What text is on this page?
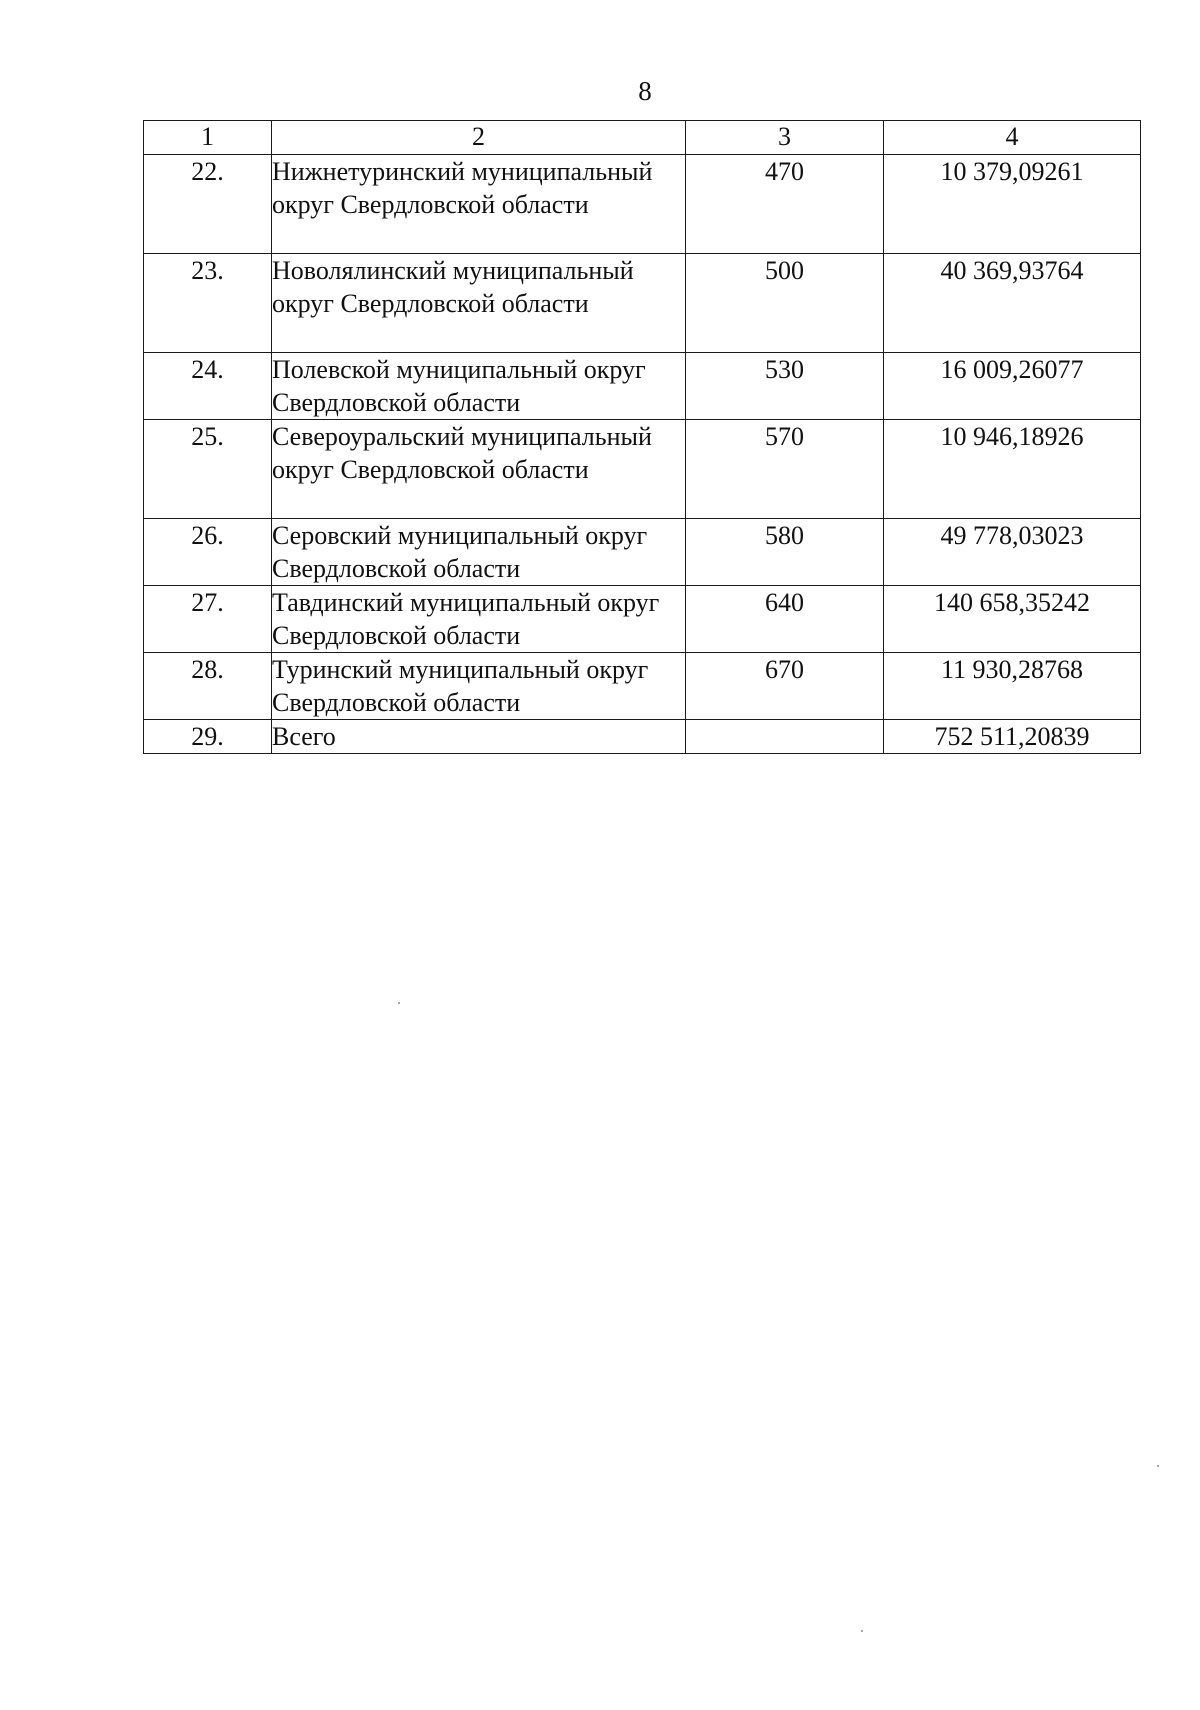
8
1	2	3	4
22.	Нижнетуринский муниципальный округ Свердловской области	470	10 379,09261
23.	Новолялинский муниципальный округ Свердловской области	500	40 369,93764
24.	Полевской муниципальный округ Свердловской области	530	16 009,26077
25.	Североуральский муниципальный округ Свердловской области	570	10 946,18926
26.	Серовский муниципальный округ Свердловской области	580	49 778,03023
27.	Тавдинский муниципальный округ Свердловской области	640	140 658,35242
28.	Туринский муниципальный округ Свердловской области	670	11 930,28768
29.	Всего		752 511,20839
